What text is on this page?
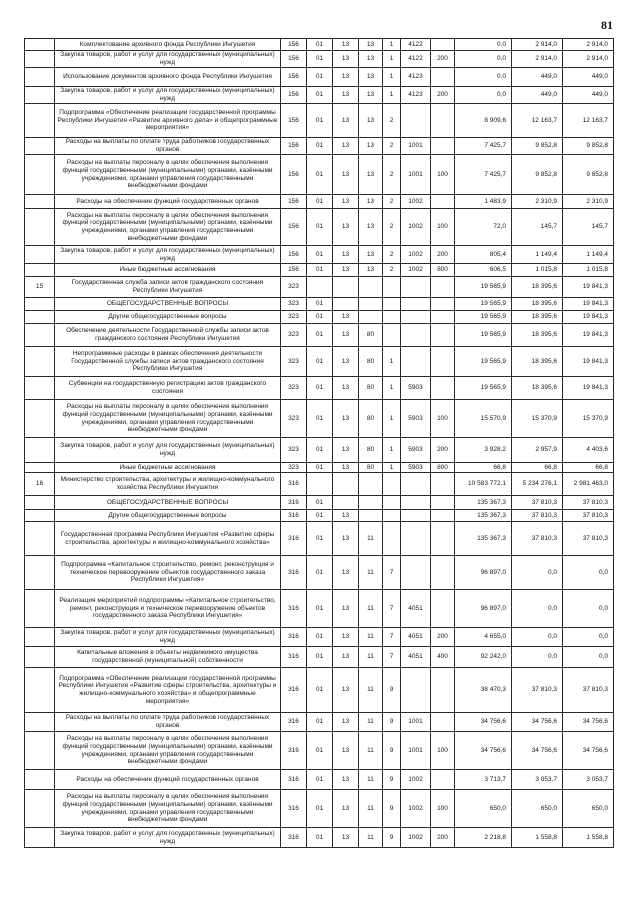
81
	Комплектование архивного фонда Республики Ингушетия	156	01	13	13	1	4122		0,0	2 914,0	2 914,0
	Закупка товаров, работ и услуг для государственных (муниципальных) нужд	156	01	13	13	1	4122	200	0,0	2 914,0	2 914,0
	Использование документов архивного фонда Республики Ингушетия	156	01	13	13	1	4123		0,0	449,0	449,0
	Закупка товаров, работ и услуг для государственных (муниципальных) нужд	156	01	13	13	1	4123	200	0,0	449,0	449,0
	Подпрограмма «Обеспечение реализации государственной программы Республики Ингушетия «Развитие архивного дела» и общепрограммные мероприятия»	156	01	13	13	2			8 909,6	12 163,7	12 163,7
	Расходы на выплаты по оплате труда работников государственных органов	156	01	13	13	2	1001		7 425,7	9 852,8	9 852,8
	Расходы на выплаты персоналу в целях обеспечения выполнения функций государственными (муниципальными) органами, казёнными учреждениями, органами управления государственными внебюджетными фондами	156	01	13	13	2	1001	100	7 425,7	9 852,8	9 852,8
	Расходы на обеспечение функций государственных органов	156	01	13	13	2	1002		1 483,9	2 310,9	2 310,9
	Расходы на выплаты персоналу в целях обеспечения выполнения функций государственными (муниципальными) органами, казёнными учреждениями, органами управления государственными внебюджетными фондами	156	01	13	13	2	1002	100	72,0	145,7	145,7
	Закупка товаров, работ и услуг для государственных (муниципальных) нужд	156	01	13	13	2	1002	200	805,4	1 149,4	1 149,4
	Иные бюджетные ассигнования	156	01	13	13	2	1002	800	606,5	1 015,8	1 015,8
15	Государственная служба записи актов гражданского состояния Республики Ингушетия	323							19 565,9	18 395,6	19 841,3
	ОБЩЕГОСУДАРСТВЕННЫЕ ВОПРОСЫ	323	01						19 565,9	18 395,6	19 841,3
	Другие общегосударственные вопросы	323	01	13					19 565,9	18 395,6	19 841,3
	Обеспечение деятельности Государственной службы записи актов гражданского состояния Республики Ингушетия	323	01	13	80				19 565,9	18 395,6	19 841,3
	Непрограммные расходы в рамках обеспечения деятельности Государственной службы записи актов гражданского состояния Республики Ингушетия	323	01	13	80	1			19 565,9	18 395,6	19 841,3
	Субвенции на государственную регистрацию актов гражданского состояния	323	01	13	80	1	5903		19 565,9	18 395,6	19 841,3
	Расходы на выплаты персоналу в целях обеспечения выполнения функций государственными (муниципальными) органами, казёнными учреждениями, органами управления государственными внебюджетными фондами	323	01	13	80	1	5903	100	15 570,9	15 370,9	15 370,9
	Закупка товаров, работ и услуг для государственных (муниципальных) нужд	323	01	13	80	1	5903	200	3 928,2	2 957,9	4 403,6
	Иные бюджетные ассигнования	323	01	13	80	1	5903	800	66,8	66,8	66,8
16	Министерство строительства, архитектуры и жилищно-коммунального хозяйства Республики Ингушетия	316							10 583 772,1	5 234 276,1	2 981 463,0
	ОБЩЕГОСУДАРСТВЕННЫЕ ВОПРОСЫ	316	01						135 367,3	37 810,3	37 810,3
	Другие общегосударственные вопросы	316	01	13					135 367,3	37 810,3	37 810,3
	Государственная программа Республики Ингушетия «Развитие сферы строительства, архитектуры и жилищно-коммунального хозяйства»	316	01	13	11				135 367,3	37 810,3	37 810,3
	Подпрограмма «Капитальное строительство, ремонт, реконструкция и техническое перевооружение объектов государственного заказа Республики Ингушетия»	316	01	13	11	7			96 897,0	0,0	0,0
	Реализация мероприятий подпрограммы «Капитальное строительство, ремонт, реконструкция и техническое перевооружение объектов государственного заказа Республики Ингушетия»	316	01	13	11	7	4051		96 897,0	0,0	0,0
	Закупка товаров, работ и услуг для государственных (муниципальных) нужд	316	01	13	11	7	4051	200	4 655,0	0,0	0,0
	Капитальные вложения в объекты недвижимого имущества государственной (муниципальной) собственности	316	01	13	11	7	4051	400	92 242,0	0,0	0,0
	Подпрограмма «Обеспечение реализации государственной программы Республики Ингушетия «Развитие сферы строительства, архитектуры и жилищно-коммунального хозяйства» и общепрограммные мероприятия»	316	01	13	11	9			38 470,3	37 810,3	37 810,3
	Расходы на выплаты по оплате труда работников государственных органов	316	01	13	11	9	1001		34 756,6	34 756,6	34 756,6
	Расходы на выплаты персоналу в целях обеспечения выполнения функций государственными (муниципальными) органами, казёнными учреждениями, органами управления государственными внебюджетными фондами	316	01	13	11	9	1001	100	34 756,6	34 756,6	34 756,6
	Расходы на обеспечение функций государственных органов	316	01	13	11	9	1002		3 713,7	3 053,7	3 053,7
	Расходы на выплаты персоналу в целях обеспечения выполнения функций государственными (муниципальными) органами, казёнными учреждениями, органами управления государственными внебюджетными фондами	316	01	13	11	9	1002	100	650,0	650,0	650,0
	Закупка товаров, работ и услуг для государственных (муниципальных) нужд	316	01	13	11	9	1002	200	2 218,8	1 558,8	1 558,8
